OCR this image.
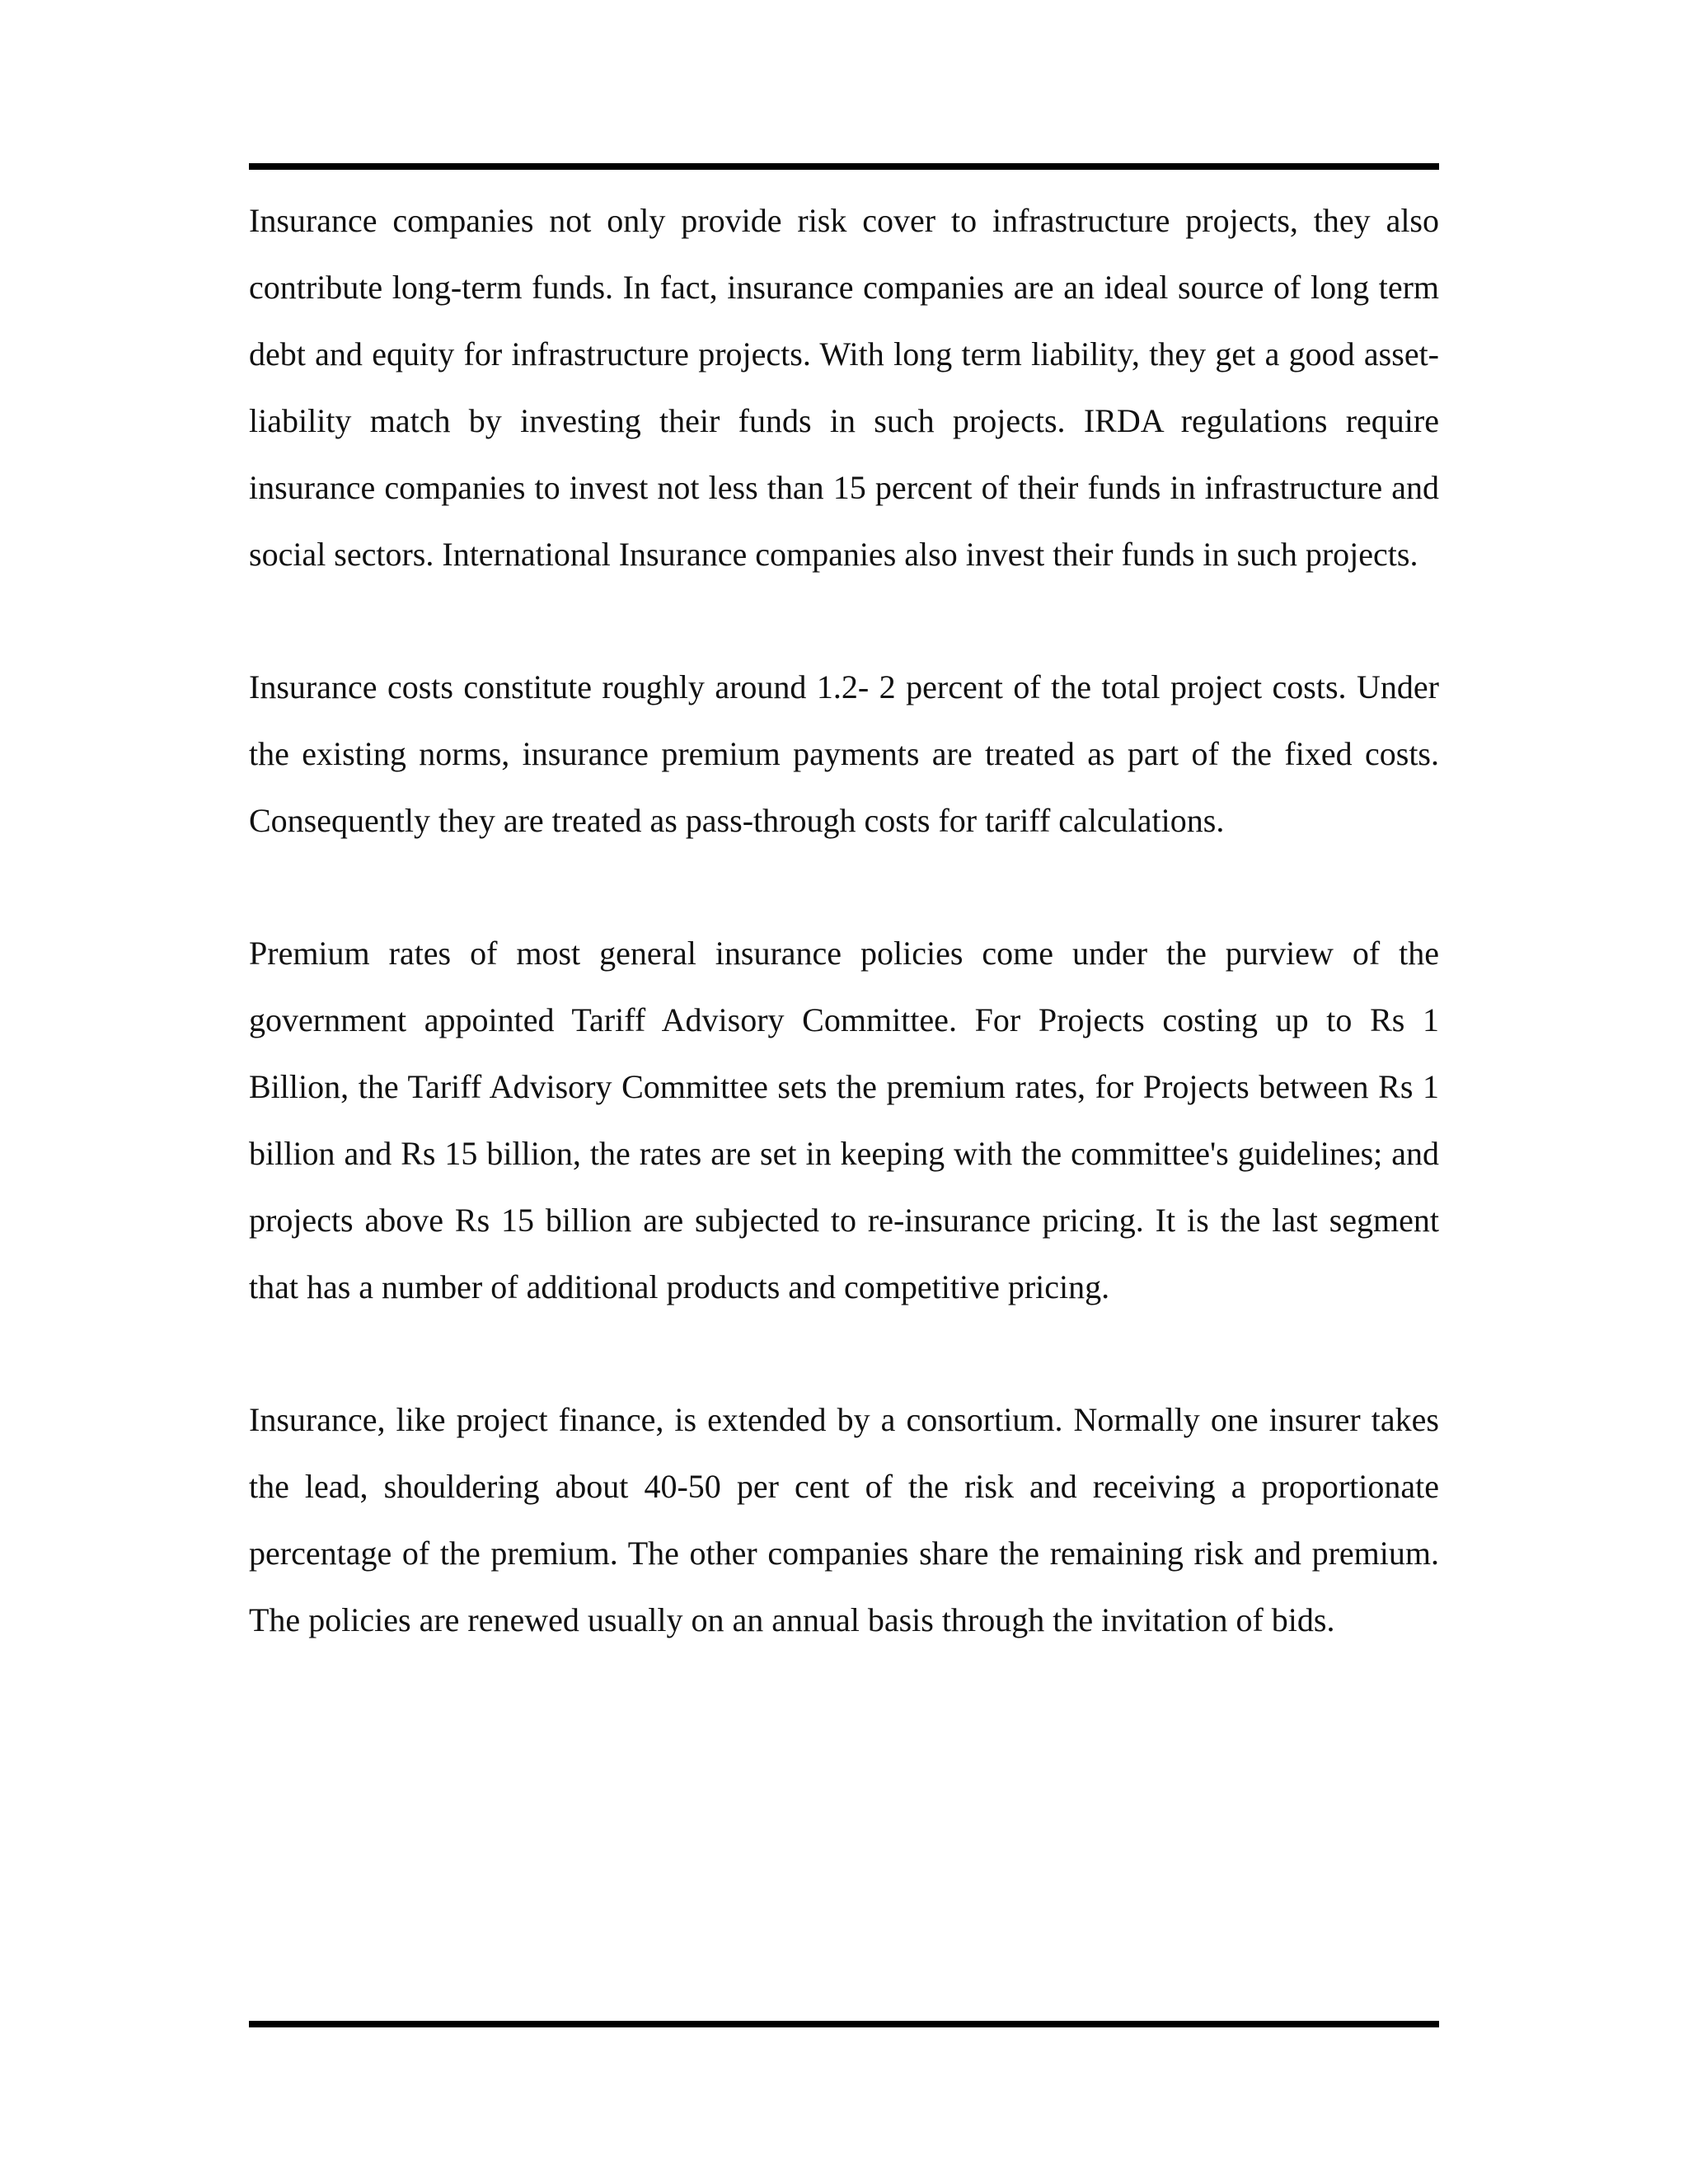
Insurance companies not only provide risk cover to infrastructure projects, they also contribute long-term funds. In fact, insurance companies are an ideal source of long term debt and equity for infrastructure projects. With long term liability, they get a good asset- liability match by investing their funds in such projects. IRDA regulations require insurance companies to invest not less than 15 percent of their funds in infrastructure and social sectors. International Insurance companies also invest their funds in such projects.

Insurance costs constitute roughly around 1.2- 2 percent of the total project costs. Under the existing norms, insurance premium payments are treated as part of the fixed costs. Consequently they are treated as pass-through costs for tariff calculations.

Premium rates of most general insurance policies come under the purview of the government appointed Tariff Advisory Committee. For Projects costing up to Rs 1 Billion, the Tariff Advisory Committee sets the premium rates, for Projects between Rs 1 billion and Rs 15 billion, the rates are set in keeping with the committee's guidelines; and projects above Rs 15 billion are subjected to re-insurance pricing. It is the last segment that has a number of additional products and competitive pricing.

Insurance, like project finance, is extended by a consortium. Normally one insurer takes the lead, shouldering about 40-50 per cent of the risk and receiving a proportionate percentage of the premium. The other companies share the remaining risk and premium. The policies are renewed usually on an annual basis through the invitation of bids.
